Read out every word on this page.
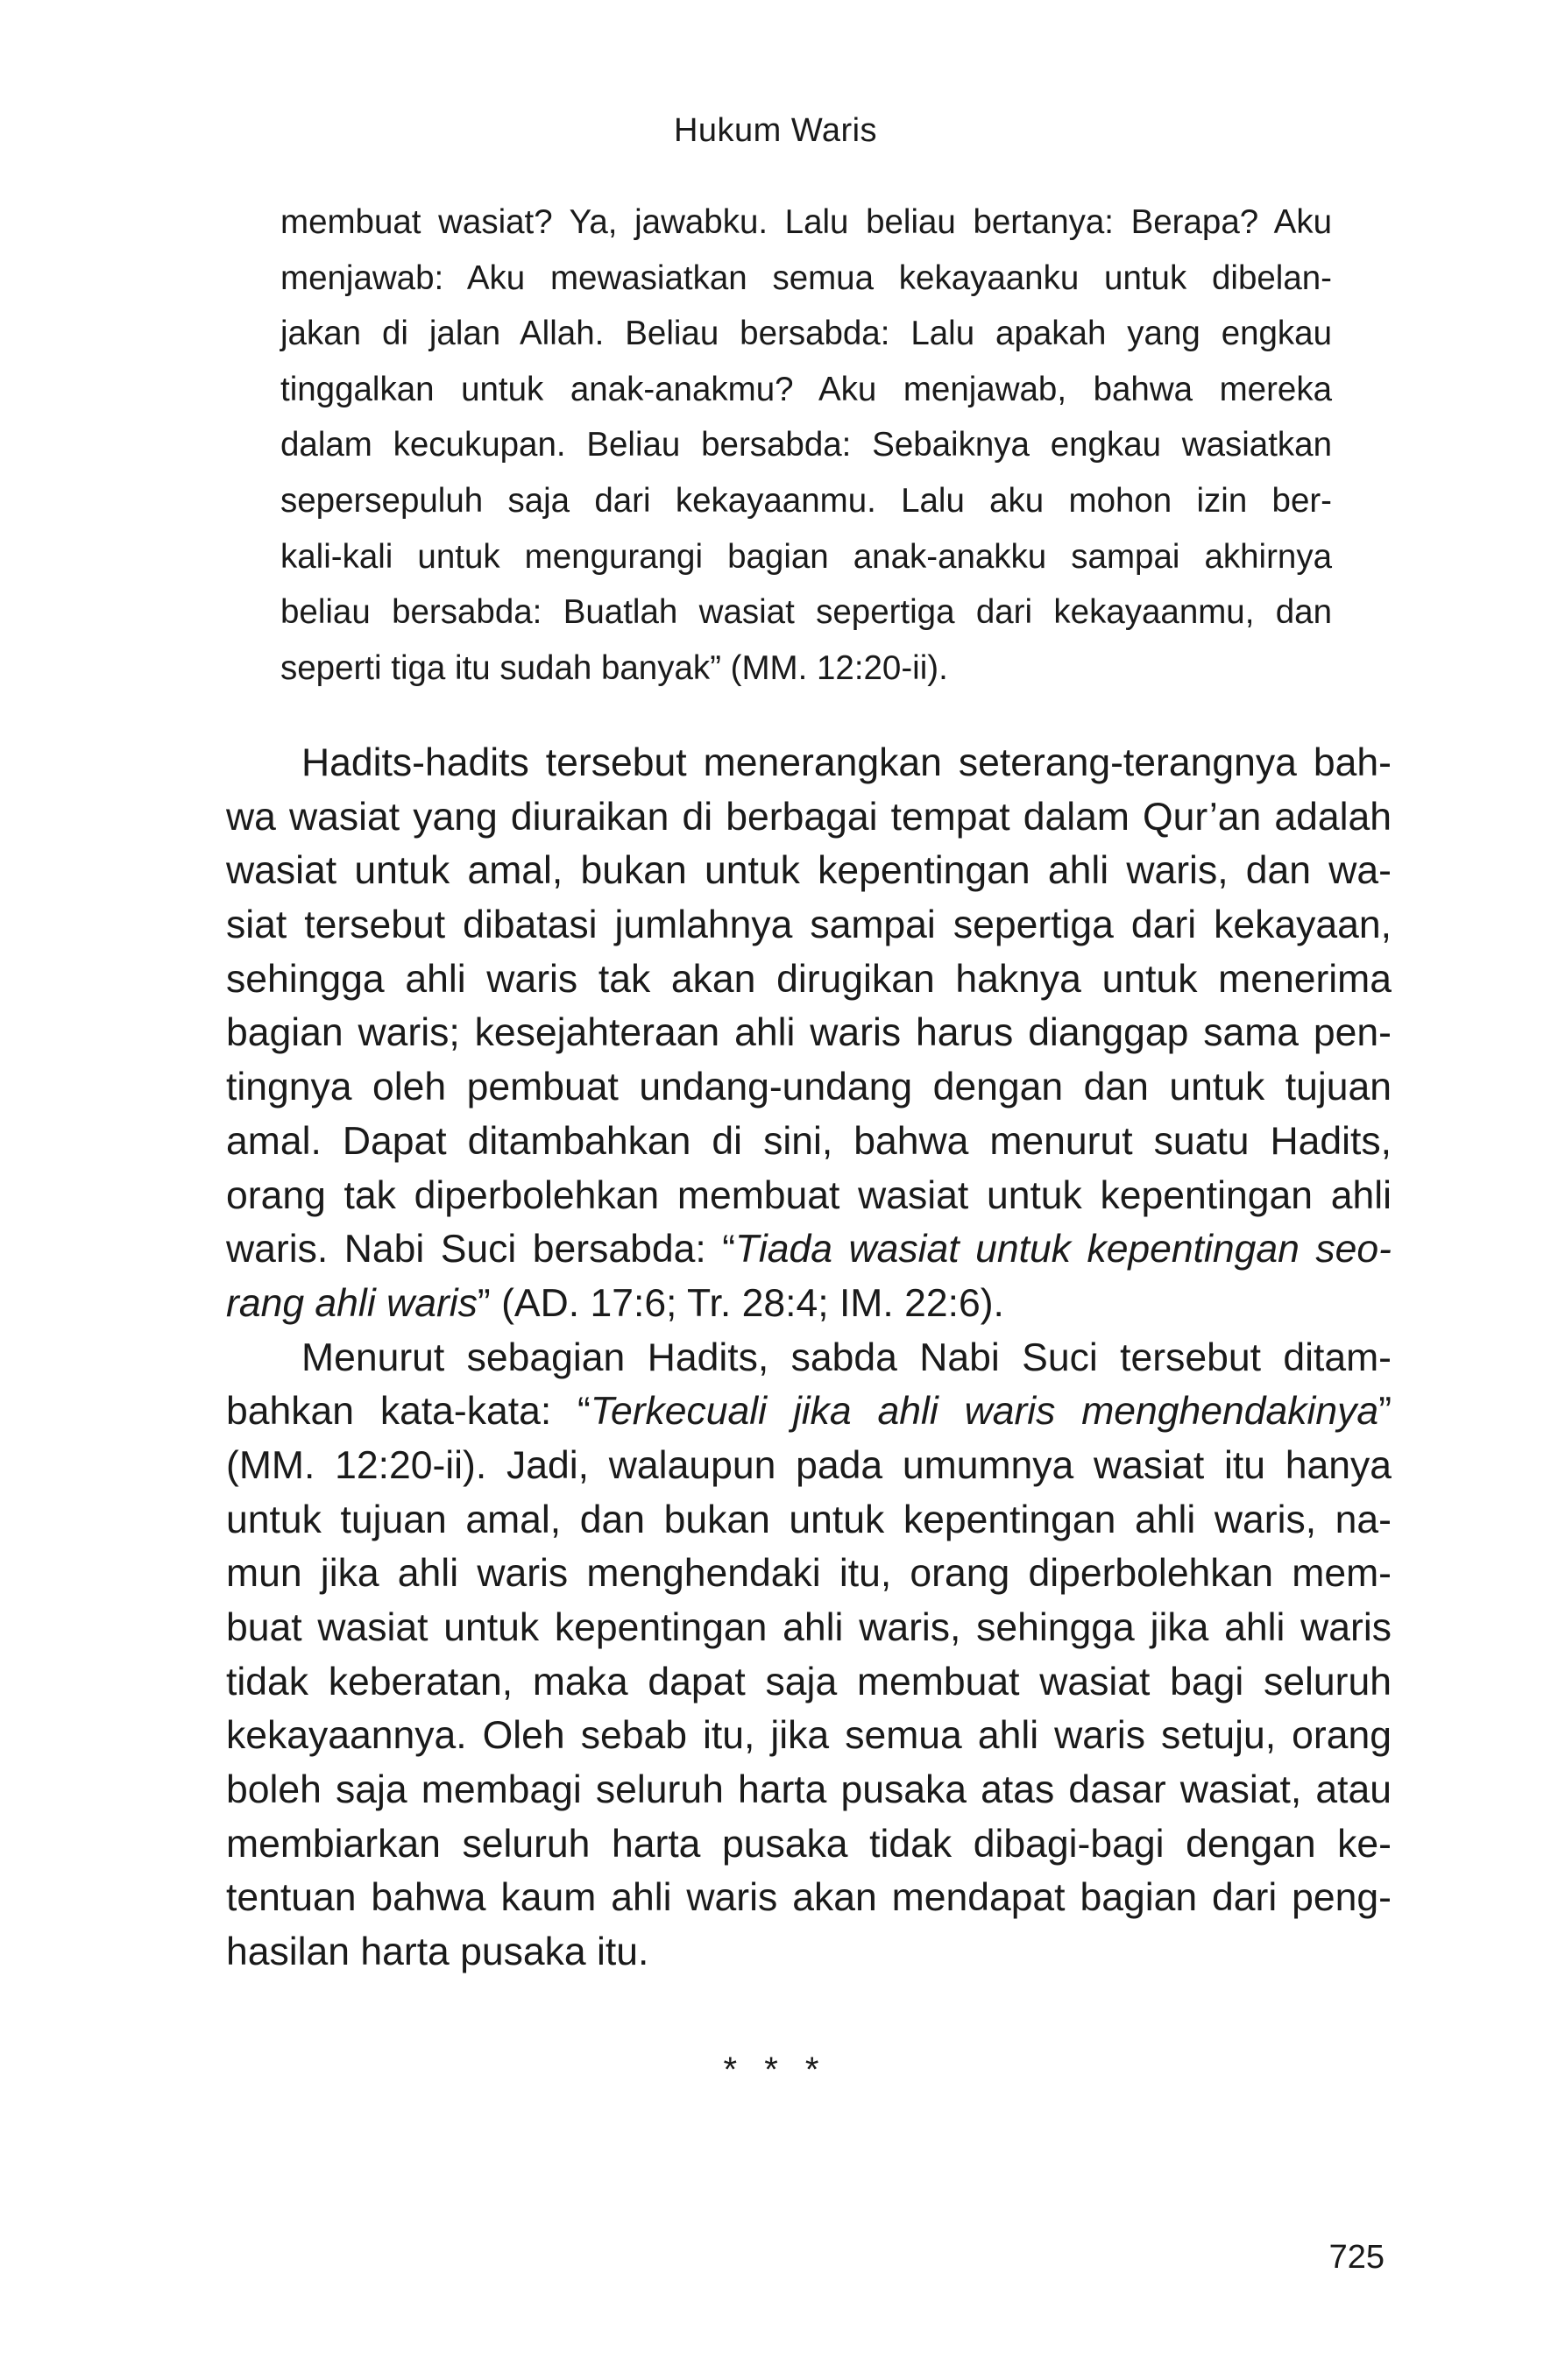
Hukum Waris
membuat wasiat? Ya, jawabku. Lalu beliau bertanya: Berapa? Aku
menjawab: Aku mewasiatkan semua kekayaanku untuk dibelan-
jakan di jalan Allah. Beliau bersabda: Lalu apakah yang engkau
tinggalkan untuk anak-anakmu? Aku menjawab, bahwa mereka
dalam kecukupan. Beliau bersabda: Sebaiknya engkau wasiatkan
sepersepuluh saja dari kekayaanmu. Lalu aku mohon izin ber-
kali-kali untuk mengurangi bagian anak-anakku sampai akhirnya
beliau bersabda: Buatlah wasiat sepertiga dari kekayaanmu, dan
seperti tiga itu sudah banyak” (MM. 12:20-ii).
Hadits-hadits tersebut menerangkan seterang-terangnya bah-
wa wasiat yang diuraikan di berbagai tempat dalam Qur’an adalah
wasiat untuk amal, bukan untuk kepentingan ahli waris, dan wa-
siat tersebut dibatasi jumlahnya sampai sepertiga dari kekayaan,
sehingga ahli waris tak akan dirugikan haknya untuk menerima
bagian waris; kesejahteraan ahli waris harus dianggap sama pen-
tingnya oleh pembuat undang-undang dengan dan untuk tujuan
amal. Dapat ditambahkan di sini, bahwa menurut suatu Hadits,
orang tak diperbolehkan membuat wasiat untuk kepentingan ahli
waris. Nabi Suci bersabda: “Tiada wasiat untuk kepentingan seo-
rang ahli waris” (AD. 17:6; Tr. 28:4; IM. 22:6).
Menurut sebagian Hadits, sabda Nabi Suci tersebut ditam-
bahkan kata-kata: “Terkecuali jika ahli waris menghendakinya”
(MM. 12:20-ii). Jadi, walaupun pada umumnya wasiat itu hanya
untuk tujuan amal, dan bukan untuk kepentingan ahli waris, na-
mun jika ahli waris menghendaki itu, orang diperbolehkan mem-
buat wasiat untuk kepentingan ahli waris, sehingga jika ahli waris
tidak keberatan, maka dapat saja membuat wasiat bagi seluruh
kekayaannya. Oleh sebab itu, jika semua ahli waris setuju, orang
boleh saja membagi seluruh harta pusaka atas dasar wasiat, atau
membiarkan seluruh harta pusaka tidak dibagi-bagi dengan ke-
tentuan bahwa kaum ahli waris akan mendapat bagian dari peng-
hasilan harta pusaka itu.
* * *
725
